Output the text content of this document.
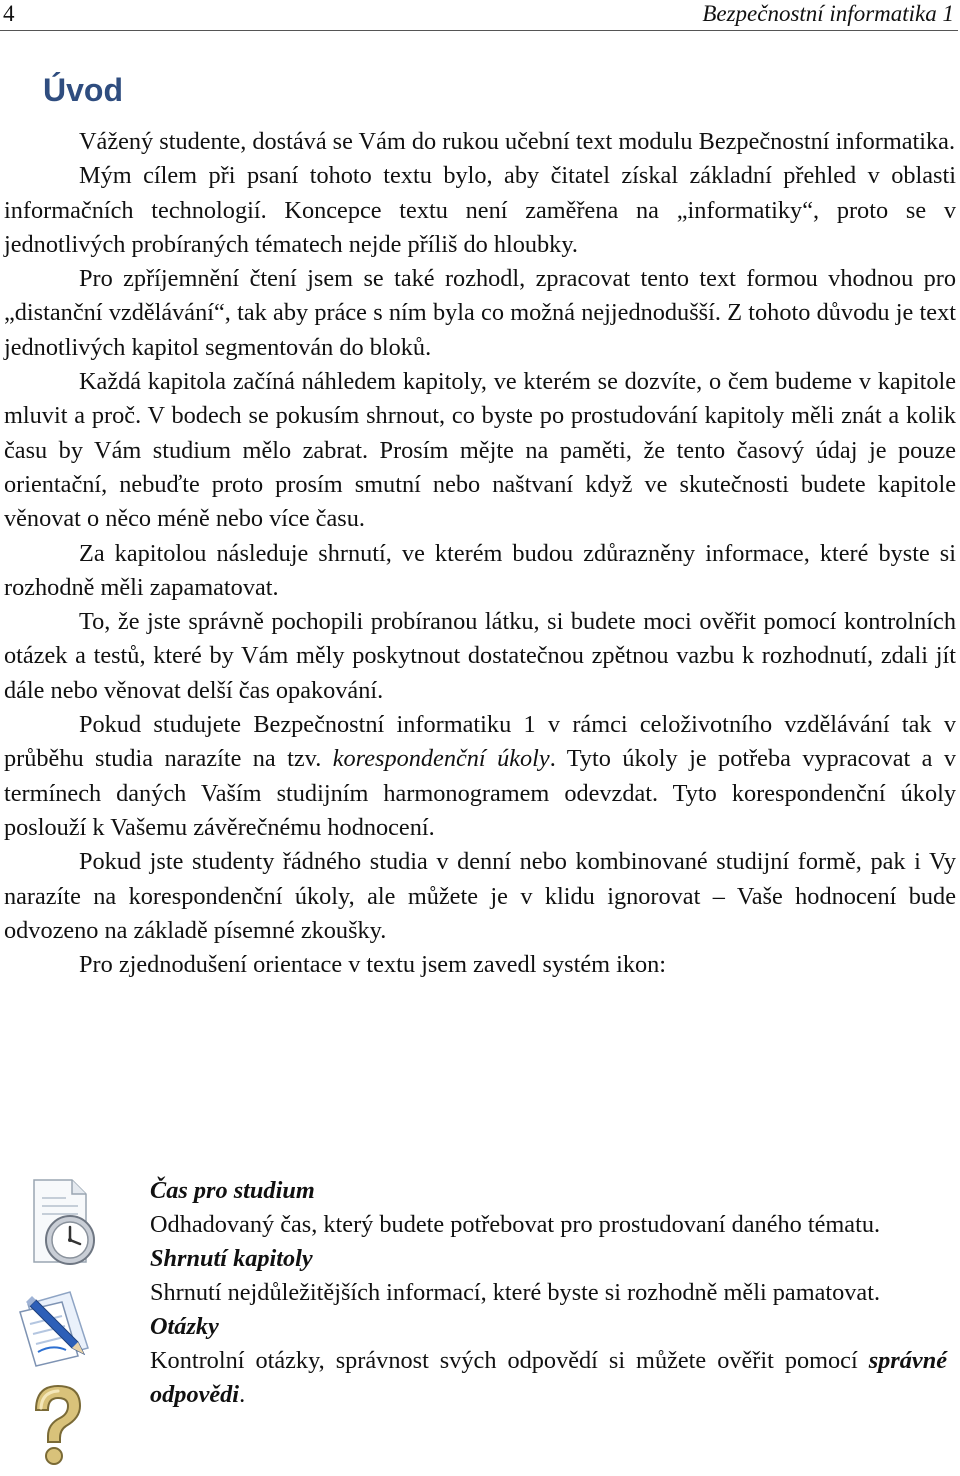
4	Bezpečnostní informatika 1
Úvod

Vážený studente, dostává se Vám do rukou učební text modulu Bezpečnostní informatika.

Mým cílem při psaní tohoto textu bylo, aby čitatel získal základní přehled v oblasti informačních technologií. Koncepce textu není zaměřena na „informatiky“, proto se v jednotlivých probíraných tématech nejde příliš do hloubky.

Pro zpříjemnění čtení jsem se také rozhodl, zpracovat tento text formou vhodnou pro „distanční vzdělávání“, tak aby práce s ním byla co možná nejjednodušší. Z tohoto důvodu je text jednotlivých kapitol segmentován do bloků.

Každá kapitola začíná náhledem kapitoly, ve kterém se dozvíte, o čem budeme v kapitole mluvit a proč. V bodech se pokusím shrnout, co byste po prostudování kapitoly měli znát a kolik času by Vám studium mělo zabrat. Prosím mějte na paměti, že tento časový údaj je pouze orientační, nebuďte proto prosím smutní nebo naštvaní když ve skutečnosti budete kapitole věnovat o něco méně nebo více času.

Za kapitolou následuje shrnutí, ve kterém budou zdůrazněny informace, které byste si rozhodně měli zapamatovat.

To, že jste správně pochopili probíranou látku, si budete moci ověřit pomocí kontrolních otázek a testů, které by Vám měly poskytnout dostatečnou zpětnou vazbu k rozhodnutí, zdali jít dále nebo věnovat delší čas opakování.

Pokud studujete Bezpečnostní informatiku 1 v rámci celoživotního vzdělávání tak v průběhu studia narazíte na tzv. korespondenční úkoly. Tyto úkoly je potřeba vypracovat a v termínech daných Vaším studijním harmonogramem odevzdat. Tyto korespondenční úkoly poslouží k Vašemu závěrečnému hodnocení.

Pokud jste studenty řádného studia v denní nebo kombinované studijní formě, pak i Vy narazíte na korespondenční úkoly, ale můžete je v klidu ignorovat – Vaše hodnocení bude odvozeno na základě písemné zkoušky.

Pro zjednodušení orientace v textu jsem zavedl systém ikon:

Čas pro studium

Odhadovaný čas, který budete potřebovat pro prostudovaní daného tématu.

Shrnutí kapitoly

Shrnutí nejdůležitějších informací, které byste si rozhodně měli pamatovat.

Otázky

Kontrolní otázky, správnost svých odpovědí si můžete ověřit pomocí správné odpovědi.
